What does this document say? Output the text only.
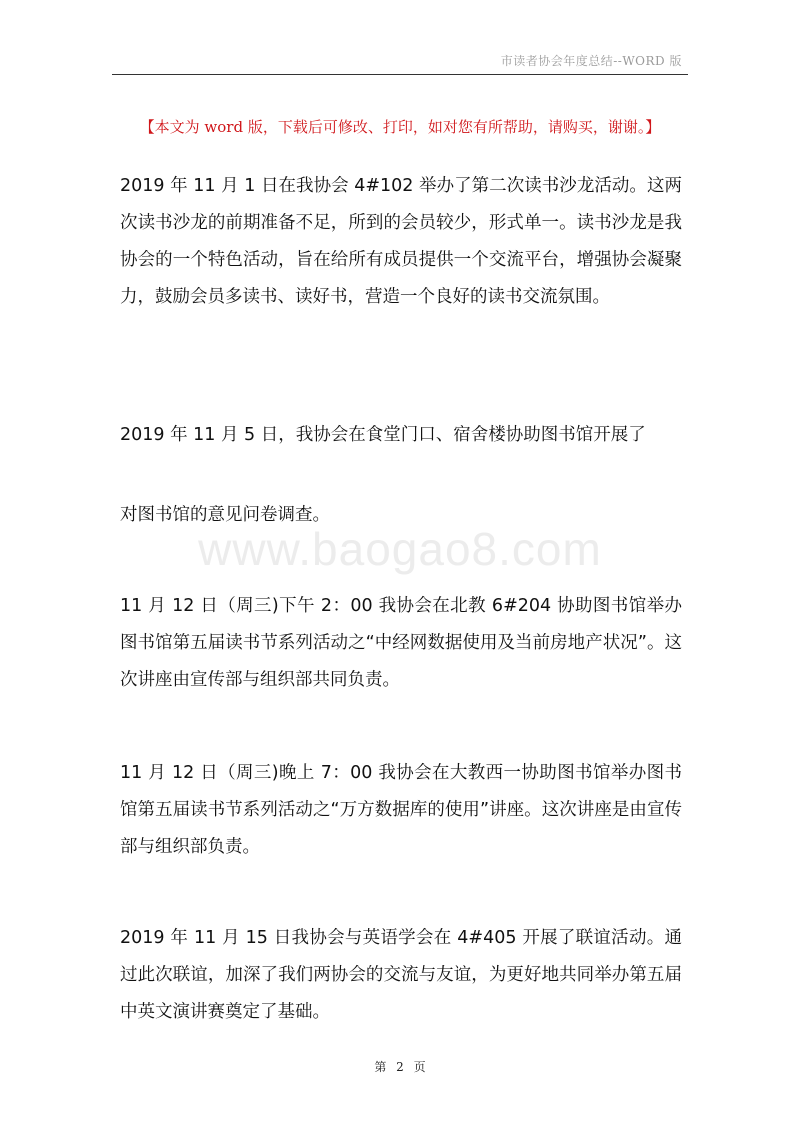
市读者协会年度总结--WORD 版
【本文为 word 版，下载后可修改、打印，如对您有所帮助，请购买，谢谢。】

2019 年 11 月 1 日在我协会 4#102 举办了第二次读书沙龙活动。这两次读书沙龙的前期准备不足，所到的会员较少，形式单一。读书沙龙是我协会的一个特色活动，旨在给所有成员提供一个交流平台，增强协会凝聚力，鼓励会员多读书、读好书，营造一个良好的读书交流氛围。

2019 年 11 月 5 日，我协会在食堂门口、宿舍楼协助图书馆开展了

对图书馆的意见问卷调查。

www.baogao8.com

11 月 12 日（周三)下午 2：00 我协会在北教 6#204 协助图书馆举办图书馆第五届读书节系列活动之“中经网数据使用及当前房地产状况”。这次讲座由宣传部与组织部共同负责。

11 月 12 日（周三)晚上 7：00 我协会在大教西一协助图书馆举办图书馆第五届读书节系列活动之“万方数据库的使用”讲座。这次讲座是由宣传部与组织部负责。

2019 年 11 月 15 日我协会与英语学会在 4#405 开展了联谊活动。通过此次联谊，加深了我们两协会的交流与友谊，为更好地共同举办第五届中英文演讲赛奠定了基础。

第 2 页
